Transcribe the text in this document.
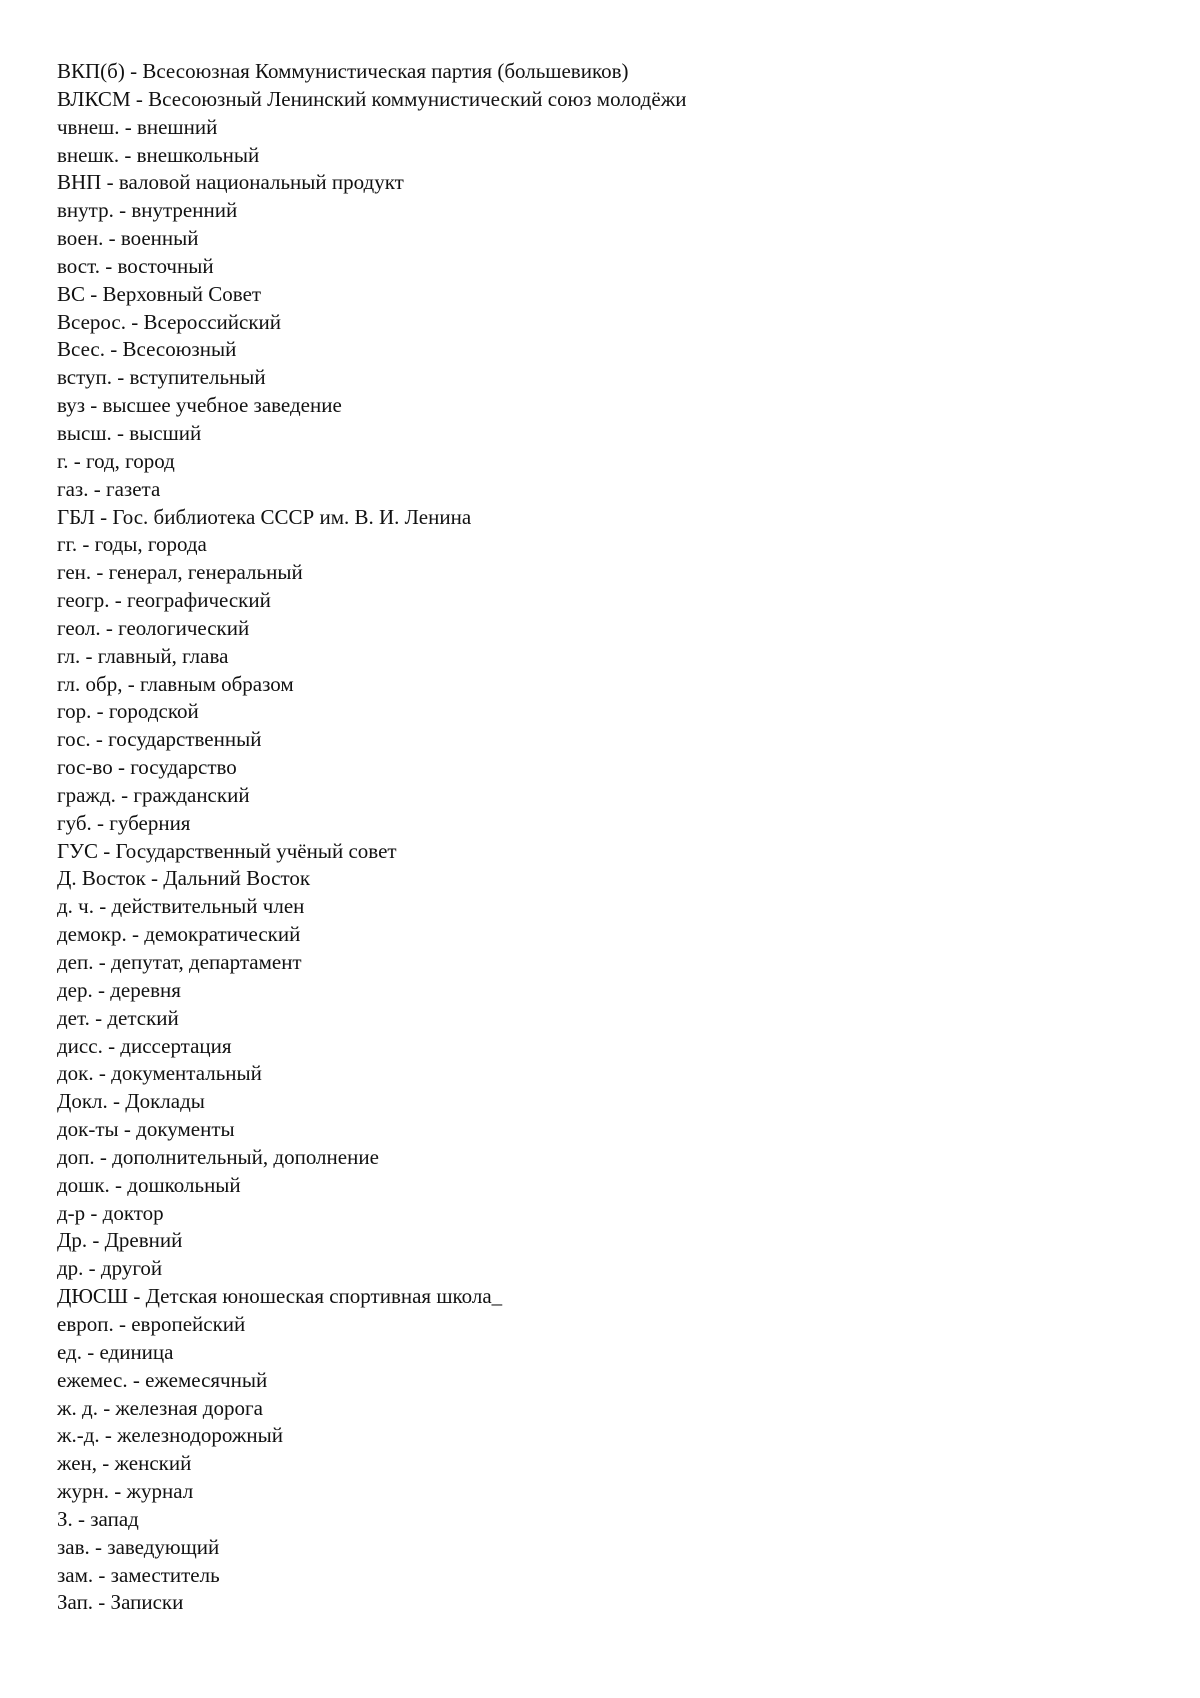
ВКП(б) - Всесоюзная Коммунистическая партия (большевиков)
ВЛКСМ - Всесоюзный Ленинский коммунистический союз молодёжи
чвнеш. - внешний
внешк. - внешкольный
ВНП - валовой национальный продукт
внутр. - внутренний
воен. - военный
вост. - восточный
ВС - Верховный Совет
Всерос. - Всероссийский
Всес. - Всесоюзный
вступ. - вступительный
вуз - высшее учебное заведение
высш. - высший
г. - год, город
газ. - газета
ГБЛ - Гос. библиотека СССР им. В. И. Ленина
гг. - годы, города
ген. - генерал, генеральный
геогр. - географический
геол. - геологический
гл. - главный, глава
гл. обр, - главным образом
гор. - городской
гос. - государственный
гос-во - государство
гражд. - гражданский
губ. - губерния
ГУС - Государственный учёный совет
Д. Восток - Дальний Восток
д. ч. - действительный член
демокр. - демократический
деп. - депутат, департамент
дер. - деревня
дет. - детский
дисс. - диссертация
док. - документальный
Докл. - Доклады
док-ты - документы
доп. - дополнительный, дополнение
дошк. - дошкольный
д-р - доктор
Др. - Древний
др. - другой
ДЮСШ - Детская юношеская спортивная школа_
европ. - европейский
ед. - единица
ежемес. - ежемесячный
ж. д. - железная дорога
ж.-д. - железнодорожный
жен, - женский
журн. - журнал
З. - запад
зав. - заведующий
зам. - заместитель
Зап. - Записки
